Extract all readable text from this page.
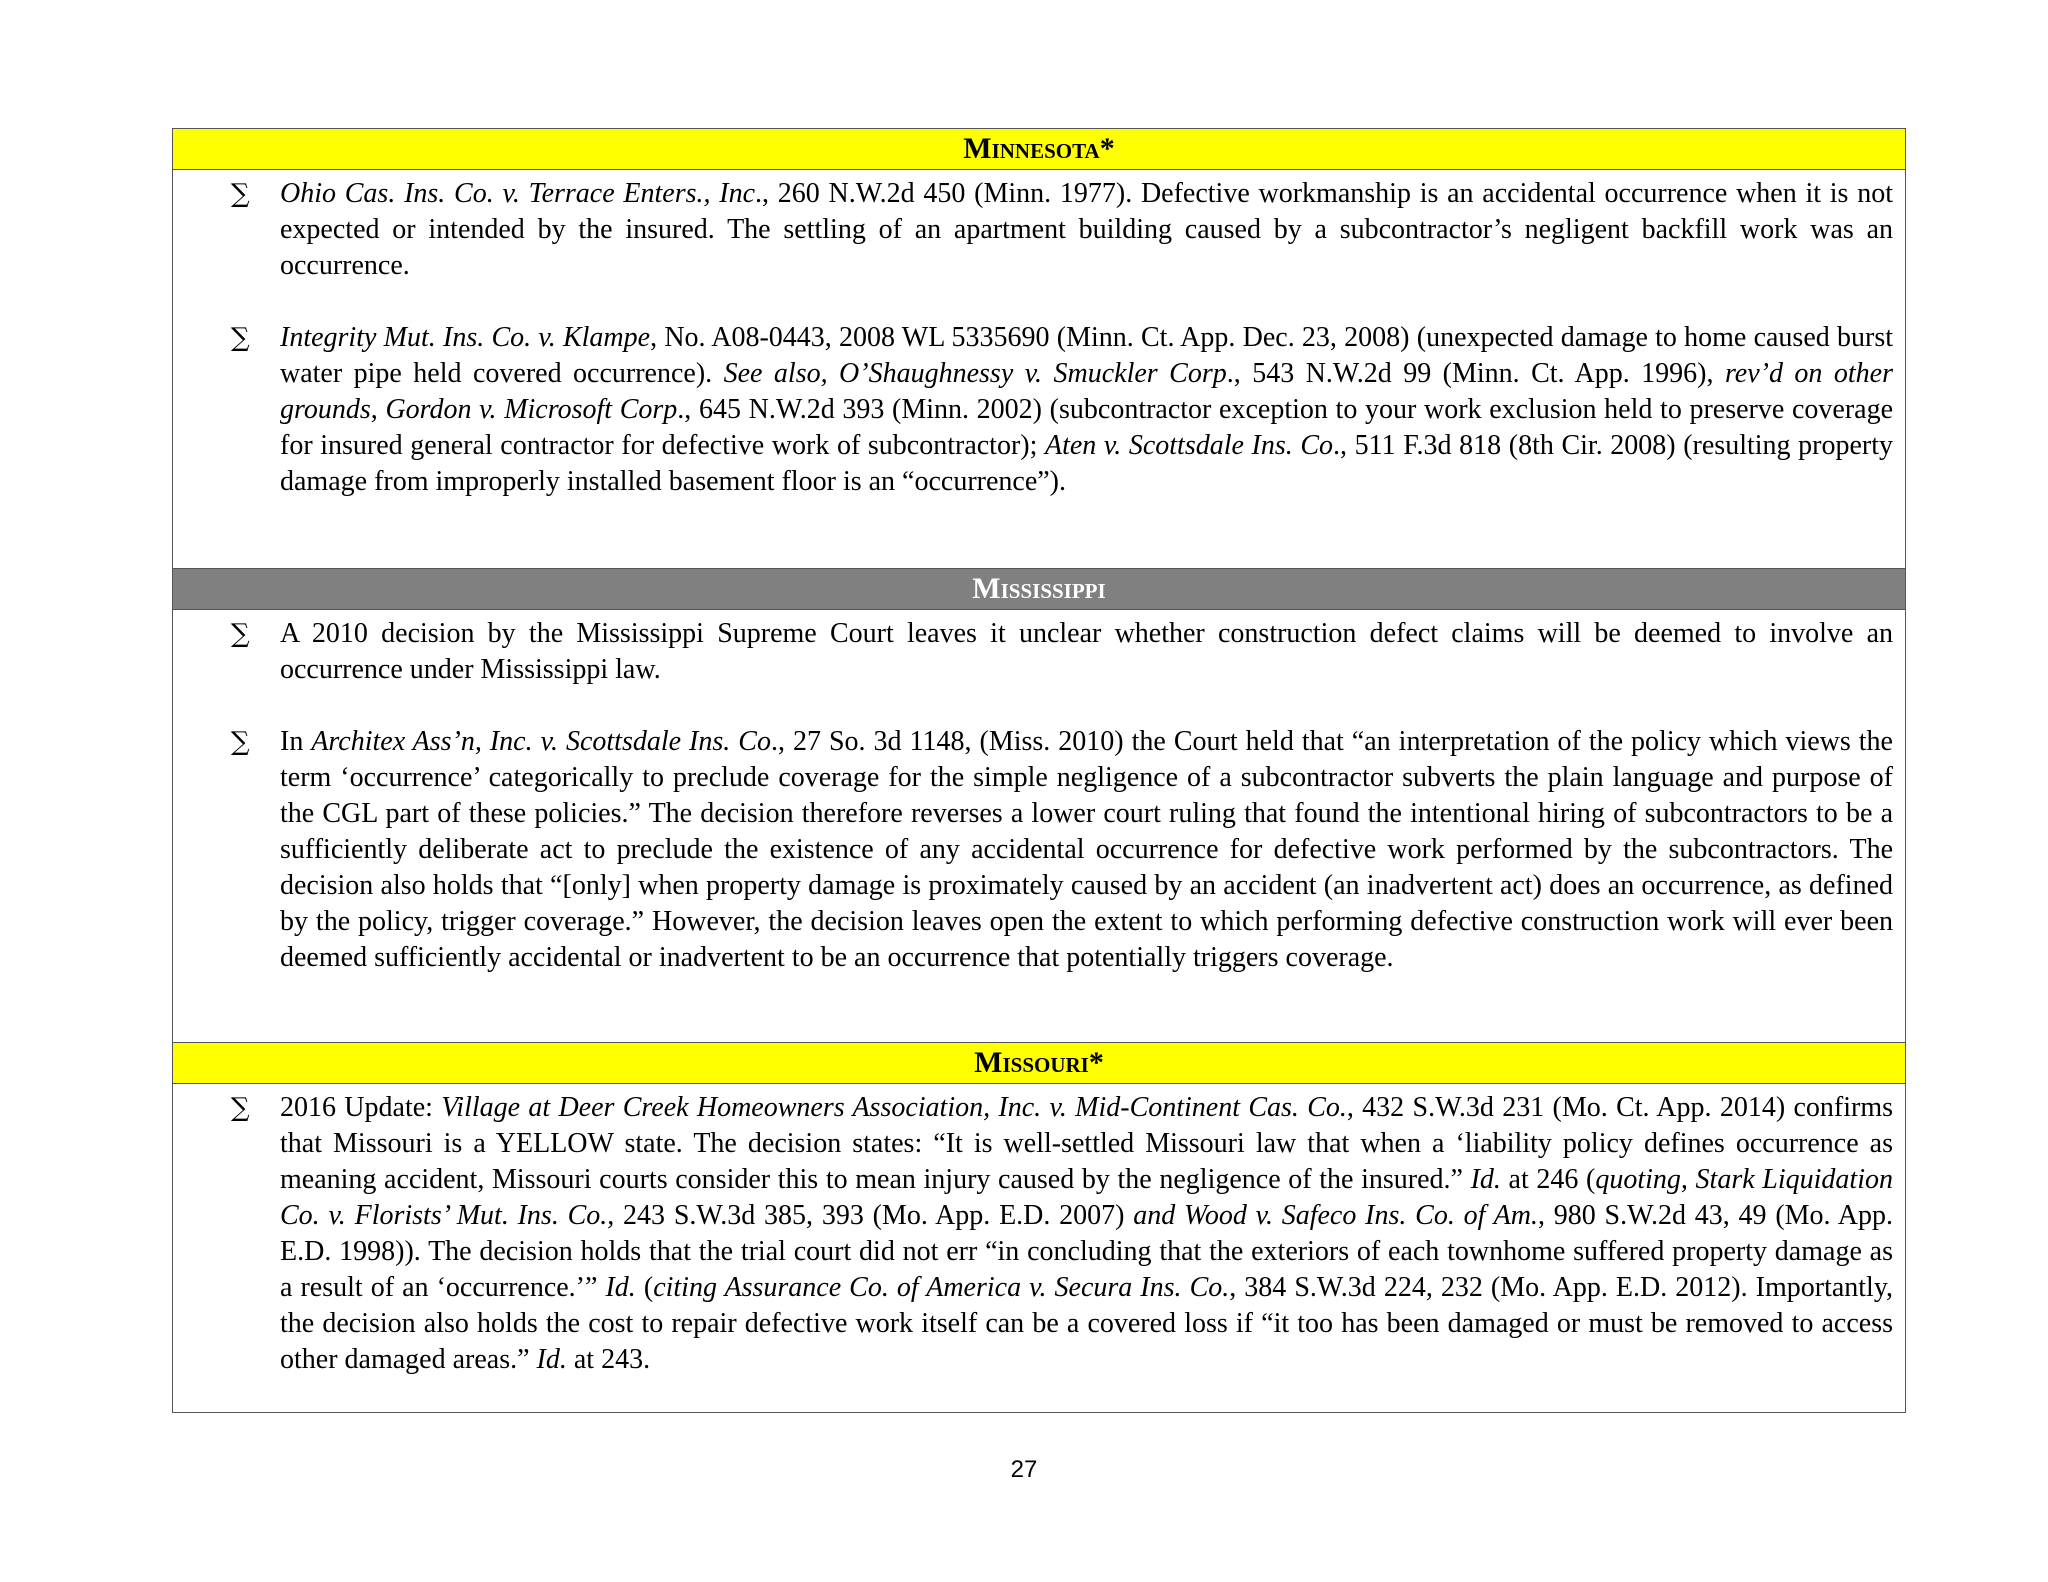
Minnesota*
∑ Ohio Cas. Ins. Co. v. Terrace Enters., Inc., 260 N.W.2d 450 (Minn. 1977). Defective workmanship is an accidental occurrence when it is not expected or intended by the insured. The settling of an apartment building caused by a subcontractor’s negligent backfill work was an occurrence.

∑ Integrity Mut. Ins. Co. v. Klampe, No. A08-0443, 2008 WL 5335690 (Minn. Ct. App. Dec. 23, 2008) (unexpected damage to home caused burst water pipe held covered occurrence). See also, O’Shaughnessy v. Smuckler Corp., 543 N.W.2d 99 (Minn. Ct. App. 1996), rev’d on other grounds, Gordon v. Microsoft Corp., 645 N.W.2d 393 (Minn. 2002) (subcontractor exception to your work exclusion held to preserve coverage for insured general contractor for defective work of subcontractor); Aten v. Scottsdale Ins. Co., 511 F.3d 818 (8th Cir. 2008) (resulting property damage from improperly installed basement floor is an “occurrence”).

Mississippi
∑ A 2010 decision by the Mississippi Supreme Court leaves it unclear whether construction defect claims will be deemed to involve an occurrence under Mississippi law.

∑ In Architex Ass’n, Inc. v. Scottsdale Ins. Co., 27 So. 3d 1148, (Miss. 2010) the Court held that “an interpretation of the policy which views the term ‘occurrence’ categorically to preclude coverage for the simple negligence of a subcontractor subverts the plain language and purpose of the CGL part of these policies.” The decision therefore reverses a lower court ruling that found the intentional hiring of subcontractors to be a sufficiently deliberate act to preclude the existence of any accidental occurrence for defective work performed by the subcontractors. The decision also holds that “[only] when property damage is proximately caused by an accident (an inadvertent act) does an occurrence, as defined by the policy, trigger coverage.” However, the decision leaves open the extent to which performing defective construction work will ever been deemed sufficiently accidental or inadvertent to be an occurrence that potentially triggers coverage.

Missouri*
∑ 2016 Update: Village at Deer Creek Homeowners Association, Inc. v. Mid-Continent Cas. Co., 432 S.W.3d 231 (Mo. Ct. App. 2014) confirms that Missouri is a YELLOW state. The decision states: “It is well-settled Missouri law that when a ‘liability policy defines occurrence as meaning accident, Missouri courts consider this to mean injury caused by the negligence of the insured.” Id. at 246 (quoting, Stark Liquidation Co. v. Florists’ Mut. Ins. Co., 243 S.W.3d 385, 393 (Mo. App. E.D. 2007) and Wood v. Safeco Ins. Co. of Am., 980 S.W.2d 43, 49 (Mo. App. E.D. 1998)). The decision holds that the trial court did not err “in concluding that the exteriors of each townhome suffered property damage as a result of an ‘occurrence.’” Id. (citing Assurance Co. of America v. Secura Ins. Co., 384 S.W.3d 224, 232 (Mo. App. E.D. 2012). Importantly, the decision also holds the cost to repair defective work itself can be a covered loss if “it too has been damaged or must be removed to access other damaged areas.” Id. at 243.

27
